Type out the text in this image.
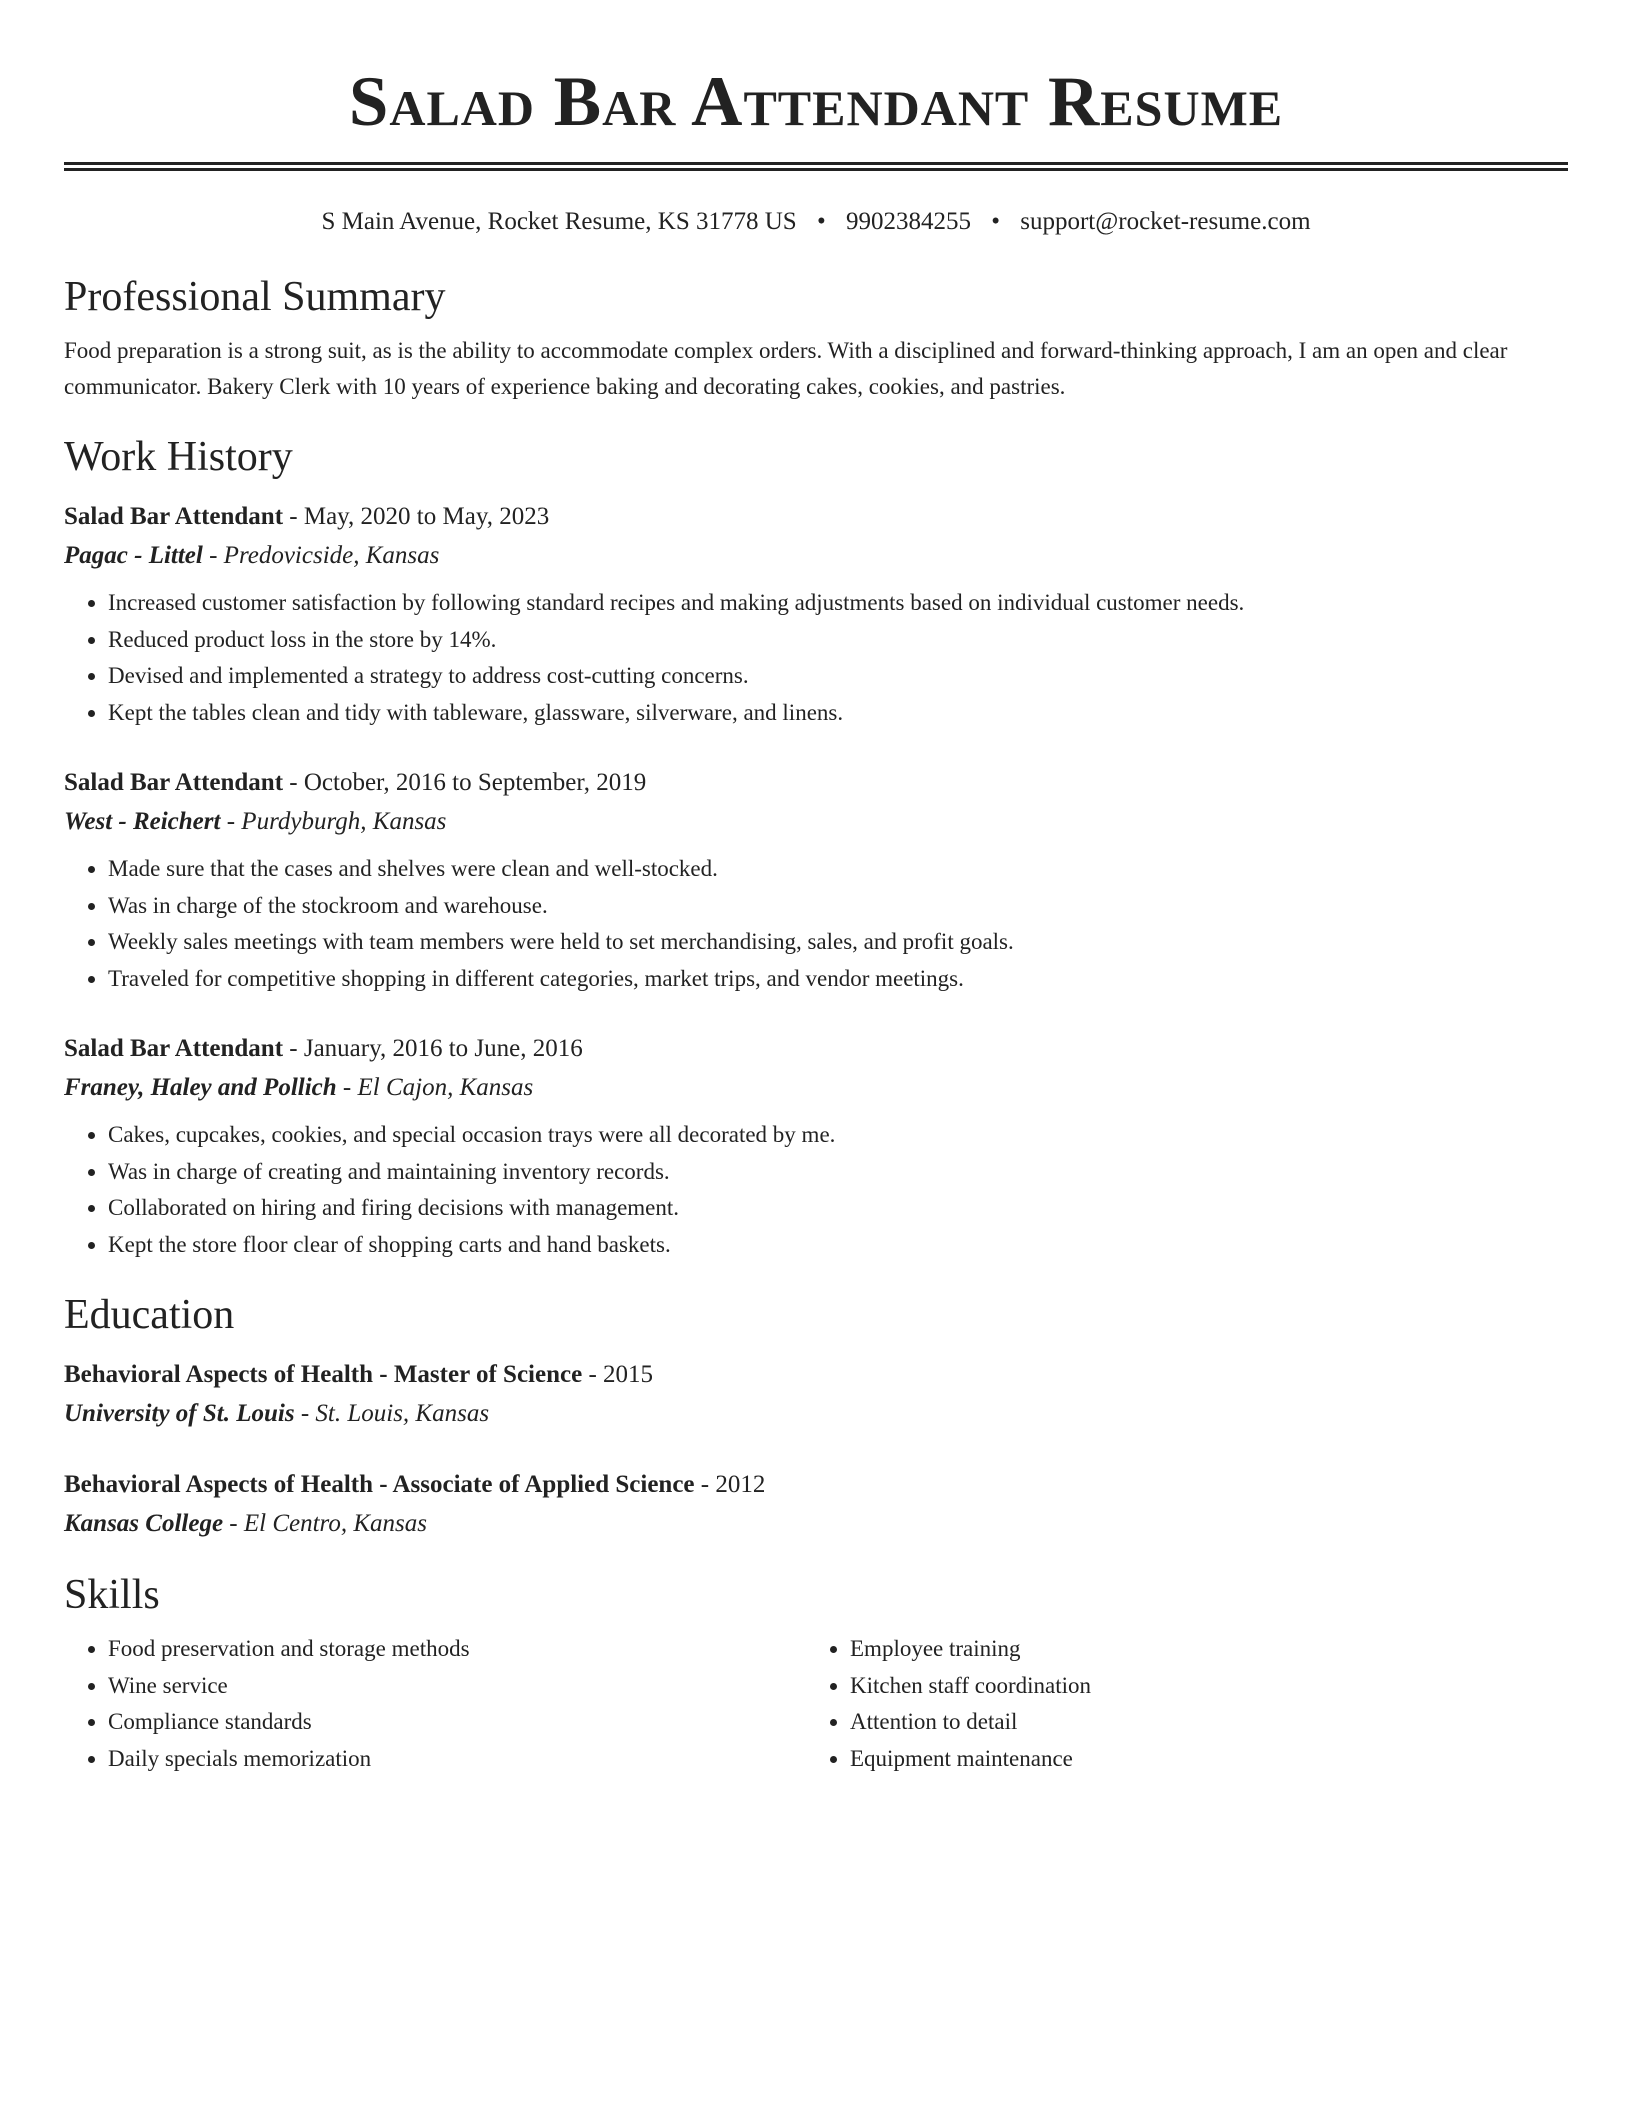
Salad Bar Attendant Resume
S Main Avenue, Rocket Resume, KS 31778 US • 9902384255 • support@rocket-resume.com
Professional Summary
Food preparation is a strong suit, as is the ability to accommodate complex orders. With a disciplined and forward-thinking approach, I am an open and clear communicator. Bakery Clerk with 10 years of experience baking and decorating cakes, cookies, and pastries.
Work History
Salad Bar Attendant - May, 2020 to May, 2023
Pagac - Littel - Predovicside, Kansas
• Increased customer satisfaction by following standard recipes and making adjustments based on individual customer needs.
• Reduced product loss in the store by 14%.
• Devised and implemented a strategy to address cost-cutting concerns.
• Kept the tables clean and tidy with tableware, glassware, silverware, and linens.
Salad Bar Attendant - October, 2016 to September, 2019
West - Reichert - Purdyburgh, Kansas
• Made sure that the cases and shelves were clean and well-stocked.
• Was in charge of the stockroom and warehouse.
• Weekly sales meetings with team members were held to set merchandising, sales, and profit goals.
• Traveled for competitive shopping in different categories, market trips, and vendor meetings.
Salad Bar Attendant - January, 2016 to June, 2016
Franey, Haley and Pollich - El Cajon, Kansas
• Cakes, cupcakes, cookies, and special occasion trays were all decorated by me.
• Was in charge of creating and maintaining inventory records.
• Collaborated on hiring and firing decisions with management.
• Kept the store floor clear of shopping carts and hand baskets.
Education
Behavioral Aspects of Health - Master of Science - 2015
University of St. Louis - St. Louis, Kansas
Behavioral Aspects of Health - Associate of Applied Science - 2012
Kansas College - El Centro, Kansas
Skills
• Food preservation and storage methods
• Wine service
• Compliance standards
• Daily specials memorization
• Employee training
• Kitchen staff coordination
• Attention to detail
• Equipment maintenance
